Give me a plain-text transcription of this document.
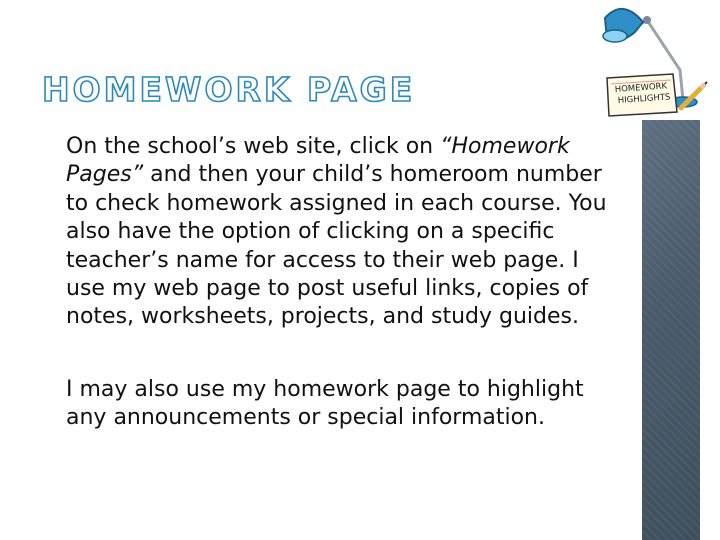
HOMEWORK PAGE	HOMEWORK
HIGHLIGHTS

On the school’s web site, click on “Homework Pages” and then your child’s homeroom number to check homework assigned in each course. You also have the option of clicking on a specific teacher’s name for access to their web page. I use my web page to post useful links, copies of notes, worksheets, projects, and study guides.

I may also use my homework page to highlight any announcements or special information.
